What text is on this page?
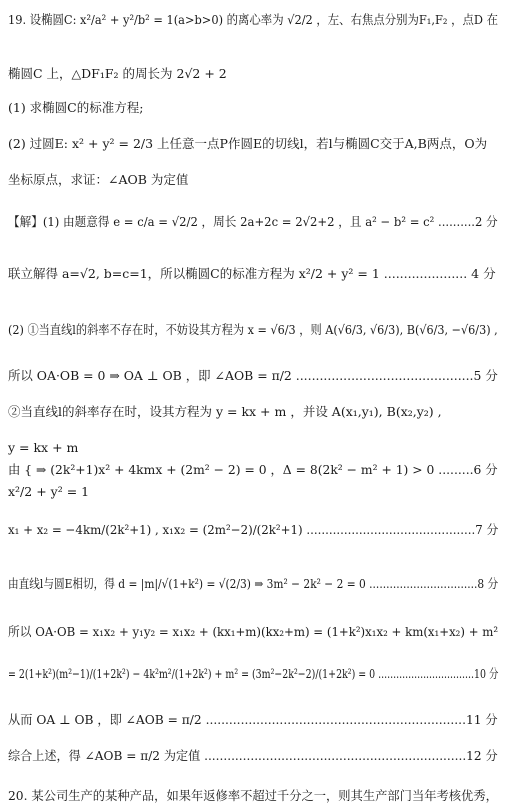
19. 设椭圆C: x²/a² + y²/b² = 1(a>b>0) 的离心率为 √2/2 ，左、右焦点分别为F₁,F₂ ，点D 在
椭圆C 上，△DF₁F₂ 的周长为 2√2 + 2
(1) 求椭圆C的标准方程;
(2) 过圆E: x² + y² = 2/3 上任意一点P作圆E的切线l，若l与椭圆C交于A,B两点，O为
坐标原点，求证：∠AOB 为定值
【解】(1) 由题意得 e = c/a = √2/2 ，周长 2a+2c = 2√2+2 ，且 a² − b² = c² ..........2 分
联立解得 a=√2, b=c=1，所以椭圆C的标准方程为 x²/2 + y² = 1 ..................... 4 分
(2) ①当直线l的斜率不存在时，不妨设其方程为 x = √6/3 ，则 A(√6/3, √6/3), B(√6/3, −√6/3) ,
所以 OA·OB = 0 ⇒ OA ⊥ OB ，即 ∠AOB = π/2 .............................................5 分
②当直线l的斜率存在时，设其方程为 y = kx + m ，并设 A(x₁,y₁), B(x₂,y₂) ,
y = kx + m
由 { ⇒ (2k²+1)x² + 4kmx + (2m² − 2) = 0 ，Δ = 8(2k² − m² + 1) > 0 .........6 分
x²/2 + y² = 1
x₁ + x₂ = −4km/(2k²+1) , x₁x₂ = (2m²−2)/(2k²+1) .............................................7 分
由直线l与圆E相切，得 d = |m|/√(1+k²) = √(2/3) ⇒ 3m² − 2k² − 2 = 0 ................................8 分
所以 OA·OB = x₁x₂ + y₁y₂ = x₁x₂ + (kx₁+m)(kx₂+m) = (1+k²)x₁x₂ + km(x₁+x₂) + m²
= 2(1+k²)(m²−1)/(1+2k²) − 4k²m²/(1+2k²) + m² = (3m²−2k²−2)/(1+2k²) = 0 ................................10 分
从而 OA ⊥ OB ，即 ∠AOB = π/2 ...................................................................11 分
综合上述，得 ∠AOB = π/2 为定值 ....................................................................12 分
20. 某公司生产的某种产品，如果年返修率不超过千分之一，则其生产部门当年考核优秀，
